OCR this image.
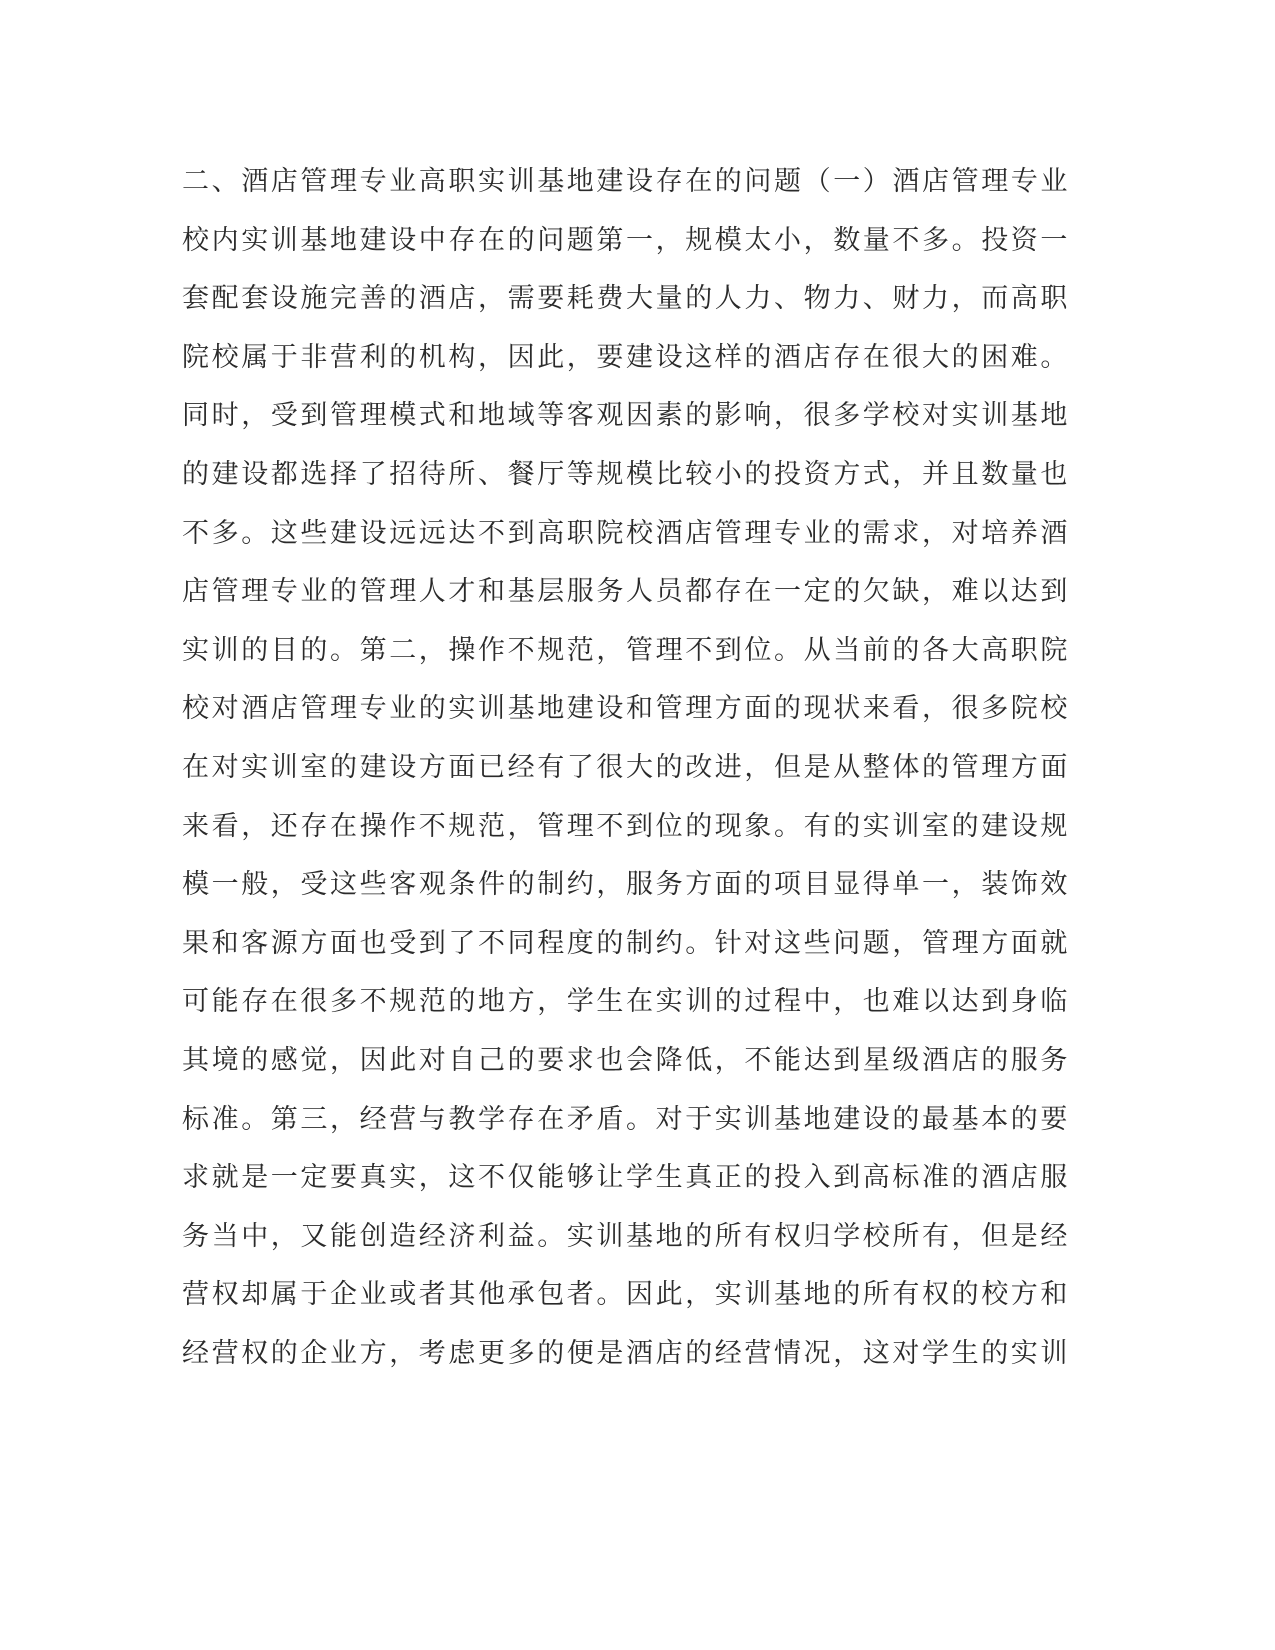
二、酒店管理专业高职实训基地建设存在的问题（一）酒店管理专业
校内实训基地建设中存在的问题第一，规模太小，数量不多。投资一
套配套设施完善的酒店，需要耗费大量的人力、物力、财力，而高职
院校属于非营利的机构，因此，要建设这样的酒店存在很大的困难。
同时，受到管理模式和地域等客观因素的影响，很多学校对实训基地
的建设都选择了招待所、餐厅等规模比较小的投资方式，并且数量也
不多。这些建设远远达不到高职院校酒店管理专业的需求，对培养酒
店管理专业的管理人才和基层服务人员都存在一定的欠缺，难以达到
实训的目的。第二，操作不规范，管理不到位。从当前的各大高职院
校对酒店管理专业的实训基地建设和管理方面的现状来看，很多院校
在对实训室的建设方面已经有了很大的改进，但是从整体的管理方面
来看，还存在操作不规范，管理不到位的现象。有的实训室的建设规
模一般，受这些客观条件的制约，服务方面的项目显得单一，装饰效
果和客源方面也受到了不同程度的制约。针对这些问题，管理方面就
可能存在很多不规范的地方，学生在实训的过程中，也难以达到身临
其境的感觉，因此对自己的要求也会降低，不能达到星级酒店的服务
标准。第三，经营与教学存在矛盾。对于实训基地建设的最基本的要
求就是一定要真实，这不仅能够让学生真正的投入到高标准的酒店服
务当中，又能创造经济利益。实训基地的所有权归学校所有，但是经
营权却属于企业或者其他承包者。因此，实训基地的所有权的校方和
经营权的企业方，考虑更多的便是酒店的经营情况，这对学生的实训
